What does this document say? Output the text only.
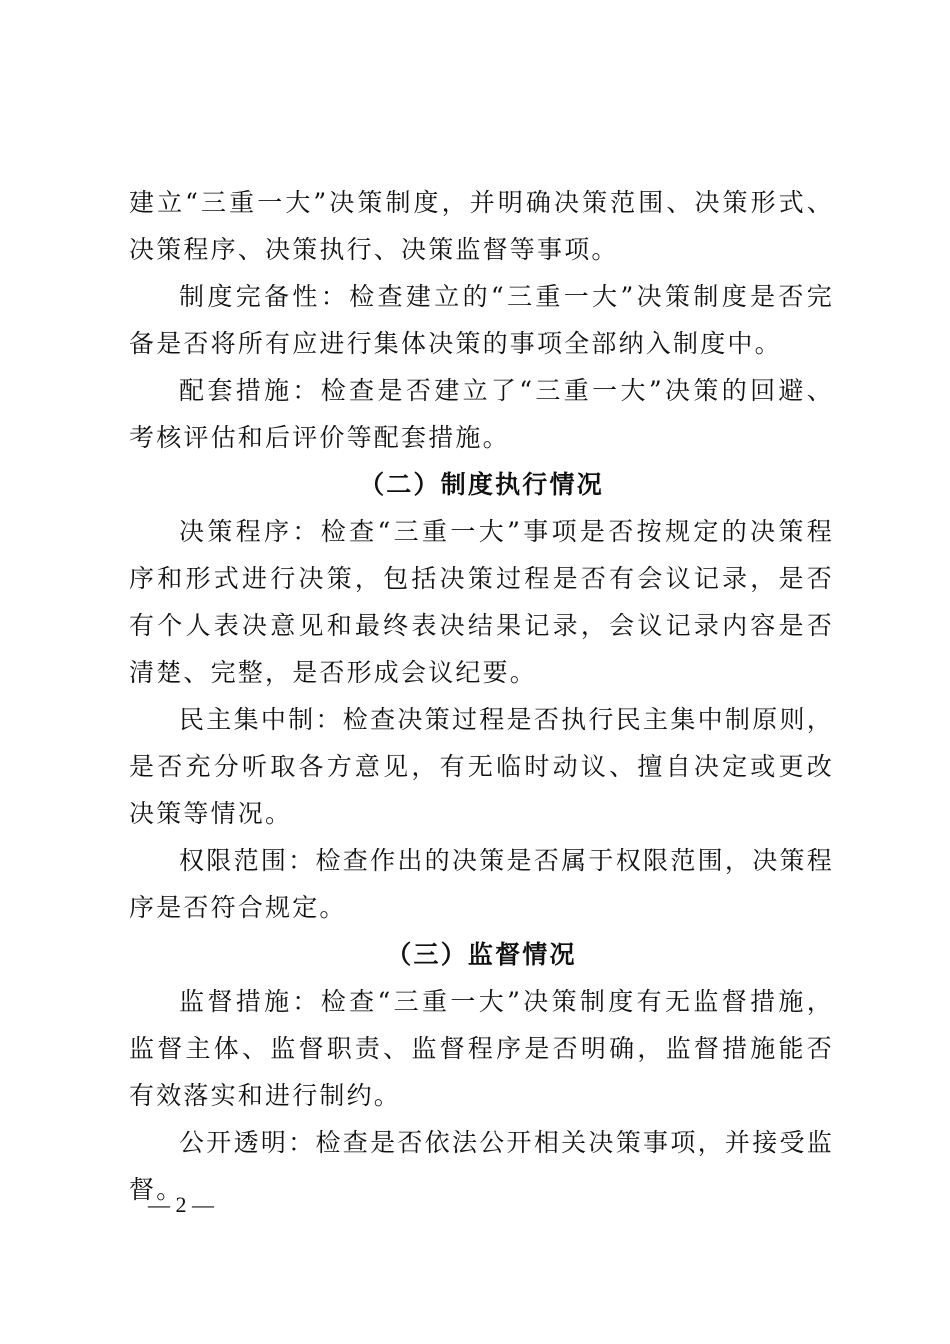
建立“三重一大”决策制度，并明确决策范围、决策形式、决策程序、决策执行、决策监督等事项。

制度完备性：检查建立的“三重一大”决策制度是否完备是否将所有应进行集体决策的事项全部纳入制度中。

配套措施：检查是否建立了“三重一大”决策的回避、考核评估和后评价等配套措施。

（二）制度执行情况

决策程序：检查“三重一大”事项是否按规定的决策程序和形式进行决策，包括决策过程是否有会议记录，是否有个人表决意见和最终表决结果记录，会议记录内容是否清楚、完整，是否形成会议纪要。

民主集中制：检查决策过程是否执行民主集中制原则，是否充分听取各方意见，有无临时动议、擅自决定或更改决策等情况。

权限范围：检查作出的决策是否属于权限范围，决策程序是否符合规定。

（三）监督情况

监督措施：检查“三重一大”决策制度有无监督措施，监督主体、监督职责、监督程序是否明确，监督措施能否有效落实和进行制约。

公开透明：检查是否依法公开相关决策事项，并接受监督。

— 2 —
